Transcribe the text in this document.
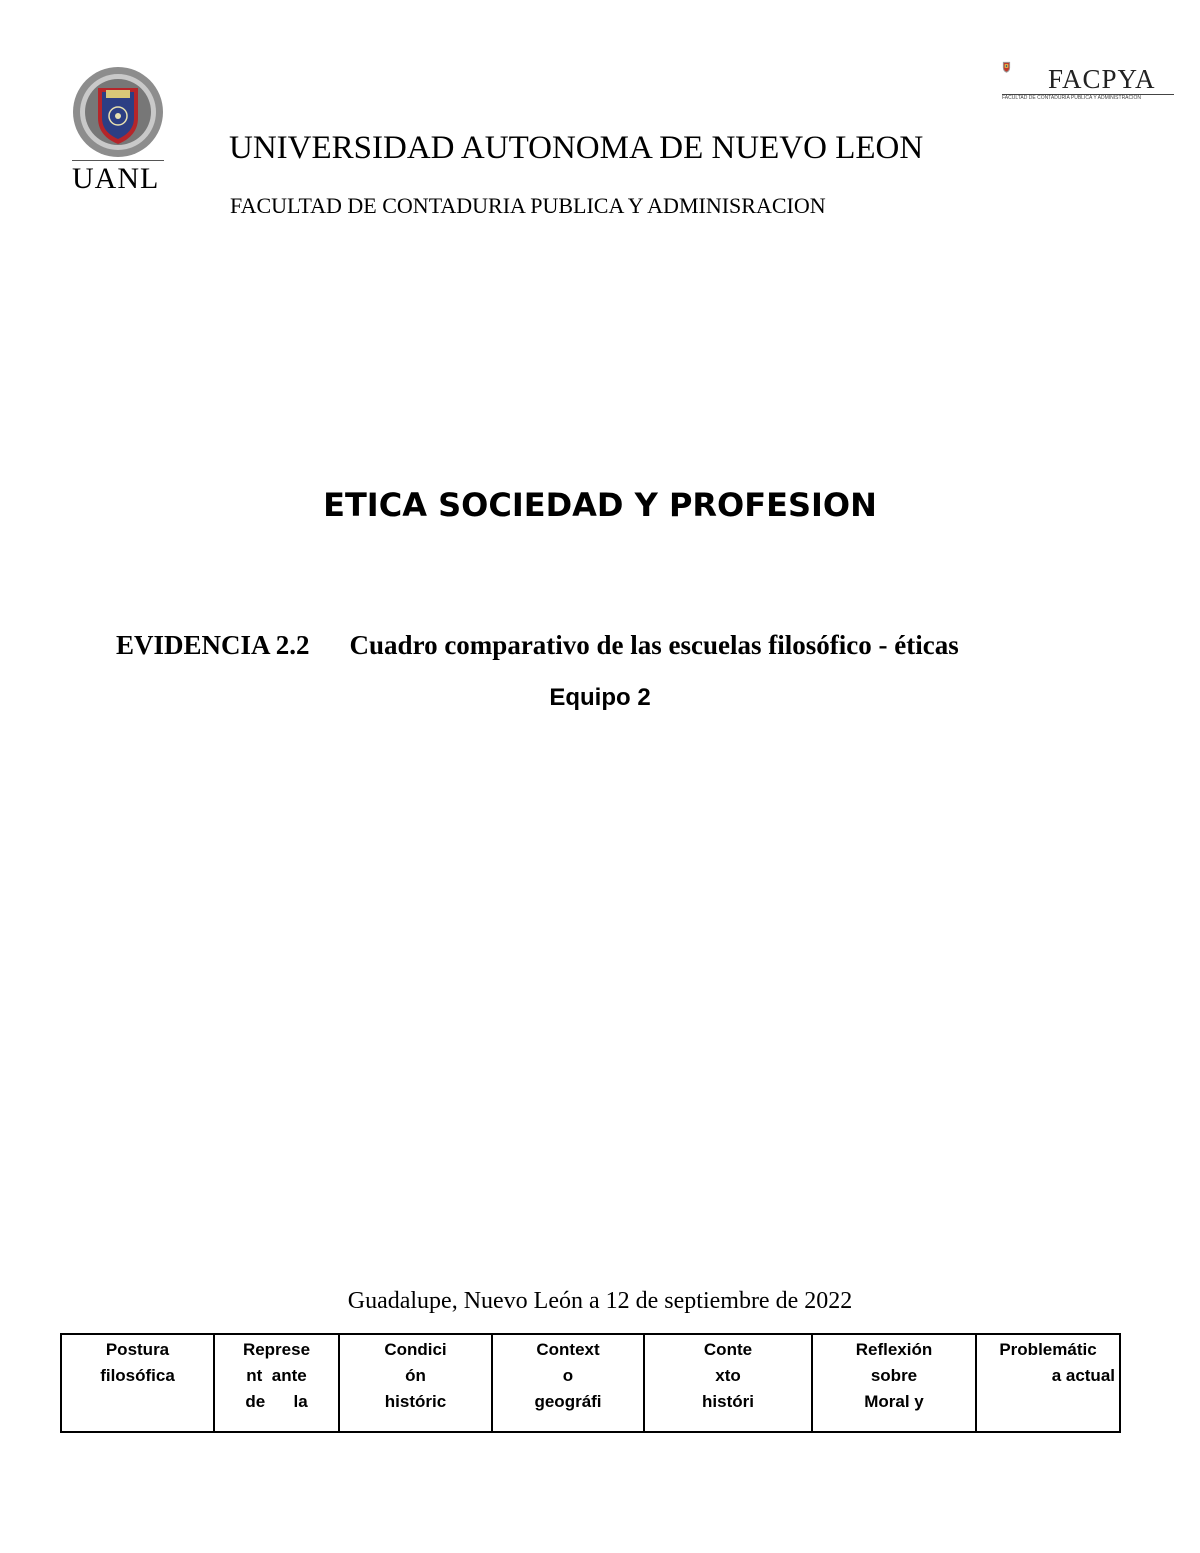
UANL
FACPYA
FACULTAD DE CONTADURÍA PÚBLICA Y ADMINISTRACIÓN
UNIVERSIDAD AUTONOMA DE NUEVO LEON
FACULTAD DE CONTADURIA PUBLICA Y ADMINISRACION
ETICA SOCIEDAD Y PROFESION
EVIDENCIA 2.2 Cuadro comparativo de las escuelas filosófico - éticas
Equipo 2
Guadalupe, Nuevo León a 12 de septiembre de 2022
Postura
filosófica

Represe
nt  ante
de      la

Condici
ón
históric

Context
o
geográfi

Conte
xto
históri

Reflexión
sobre
Moral y

Problemátic
a actual
